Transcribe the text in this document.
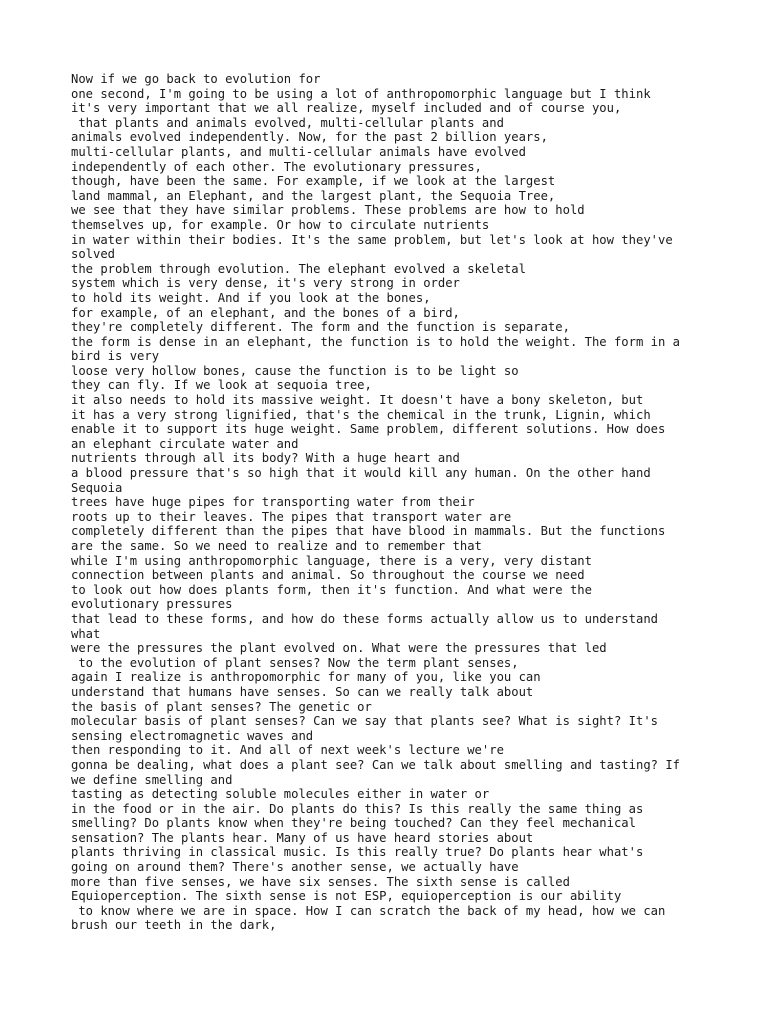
Now if we go back to evolution for
one second, I'm going to be using a lot of anthropomorphic language but I think
it's very important that we all realize, myself included and of course you,
that plants and animals evolved, multi-cellular plants and
animals evolved independently. Now, for the past 2 billion years,
multi-cellular plants, and multi-cellular animals have evolved
independently of each other. The evolutionary pressures,
though, have been the same. For example, if we look at the largest
land mammal, an Elephant, and the largest plant, the Sequoia Tree,
we see that they have similar problems. These problems are how to hold
themselves up, for example. Or how to circulate nutrients
in water within their bodies. It's the same problem, but let's look at how they've
solved
the problem through evolution. The elephant evolved a skeletal
system which is very dense, it's very strong in order
to hold its weight. And if you look at the bones,
for example, of an elephant, and the bones of a bird,
they're completely different. The form and the function is separate,
the form is dense in an elephant, the function is to hold the weight. The form in a
bird is very
loose very hollow bones, cause the function is to be light so
they can fly. If we look at sequoia tree,
it also needs to hold its massive weight. It doesn't have a bony skeleton, but
it has a very strong lignified, that's the chemical in the trunk, Lignin, which
enable it to support its huge weight. Same problem, different solutions. How does
an elephant circulate water and
nutrients through all its body? With a huge heart and
a blood pressure that's so high that it would kill any human. On the other hand
Sequoia
trees have huge pipes for transporting water from their
roots up to their leaves. The pipes that transport water are
completely different than the pipes that have blood in mammals. But the functions
are the same. So we need to realize and to remember that
while I'm using anthropomorphic language, there is a very, very distant
connection between plants and animal. So throughout the course we need
to look out how does plants form, then it's function. And what were the
evolutionary pressures
that lead to these forms, and how do these forms actually allow us to understand
what
were the pressures the plant evolved on. What were the pressures that led
to the evolution of plant senses? Now the term plant senses,
again I realize is anthropomorphic for many of you, like you can
understand that humans have senses. So can we really talk about
the basis of plant senses? The genetic or
molecular basis of plant senses? Can we say that plants see? What is sight? It's
sensing electromagnetic waves and
then responding to it. And all of next week's lecture we're
gonna be dealing, what does a plant see? Can we talk about smelling and tasting? If
we define smelling and
tasting as detecting soluble molecules either in water or
in the food or in the air. Do plants do this? Is this really the same thing as
smelling? Do plants know when they're being touched? Can they feel mechanical
sensation? The plants hear. Many of us have heard stories about
plants thriving in classical music. Is this really true? Do plants hear what's
going on around them? There's another sense, we actually have
more than five senses, we have six senses. The sixth sense is called
Equioperception. The sixth sense is not ESP, equioperception is our ability
to know where we are in space. How I can scratch the back of my head, how we can
brush our teeth in the dark,
